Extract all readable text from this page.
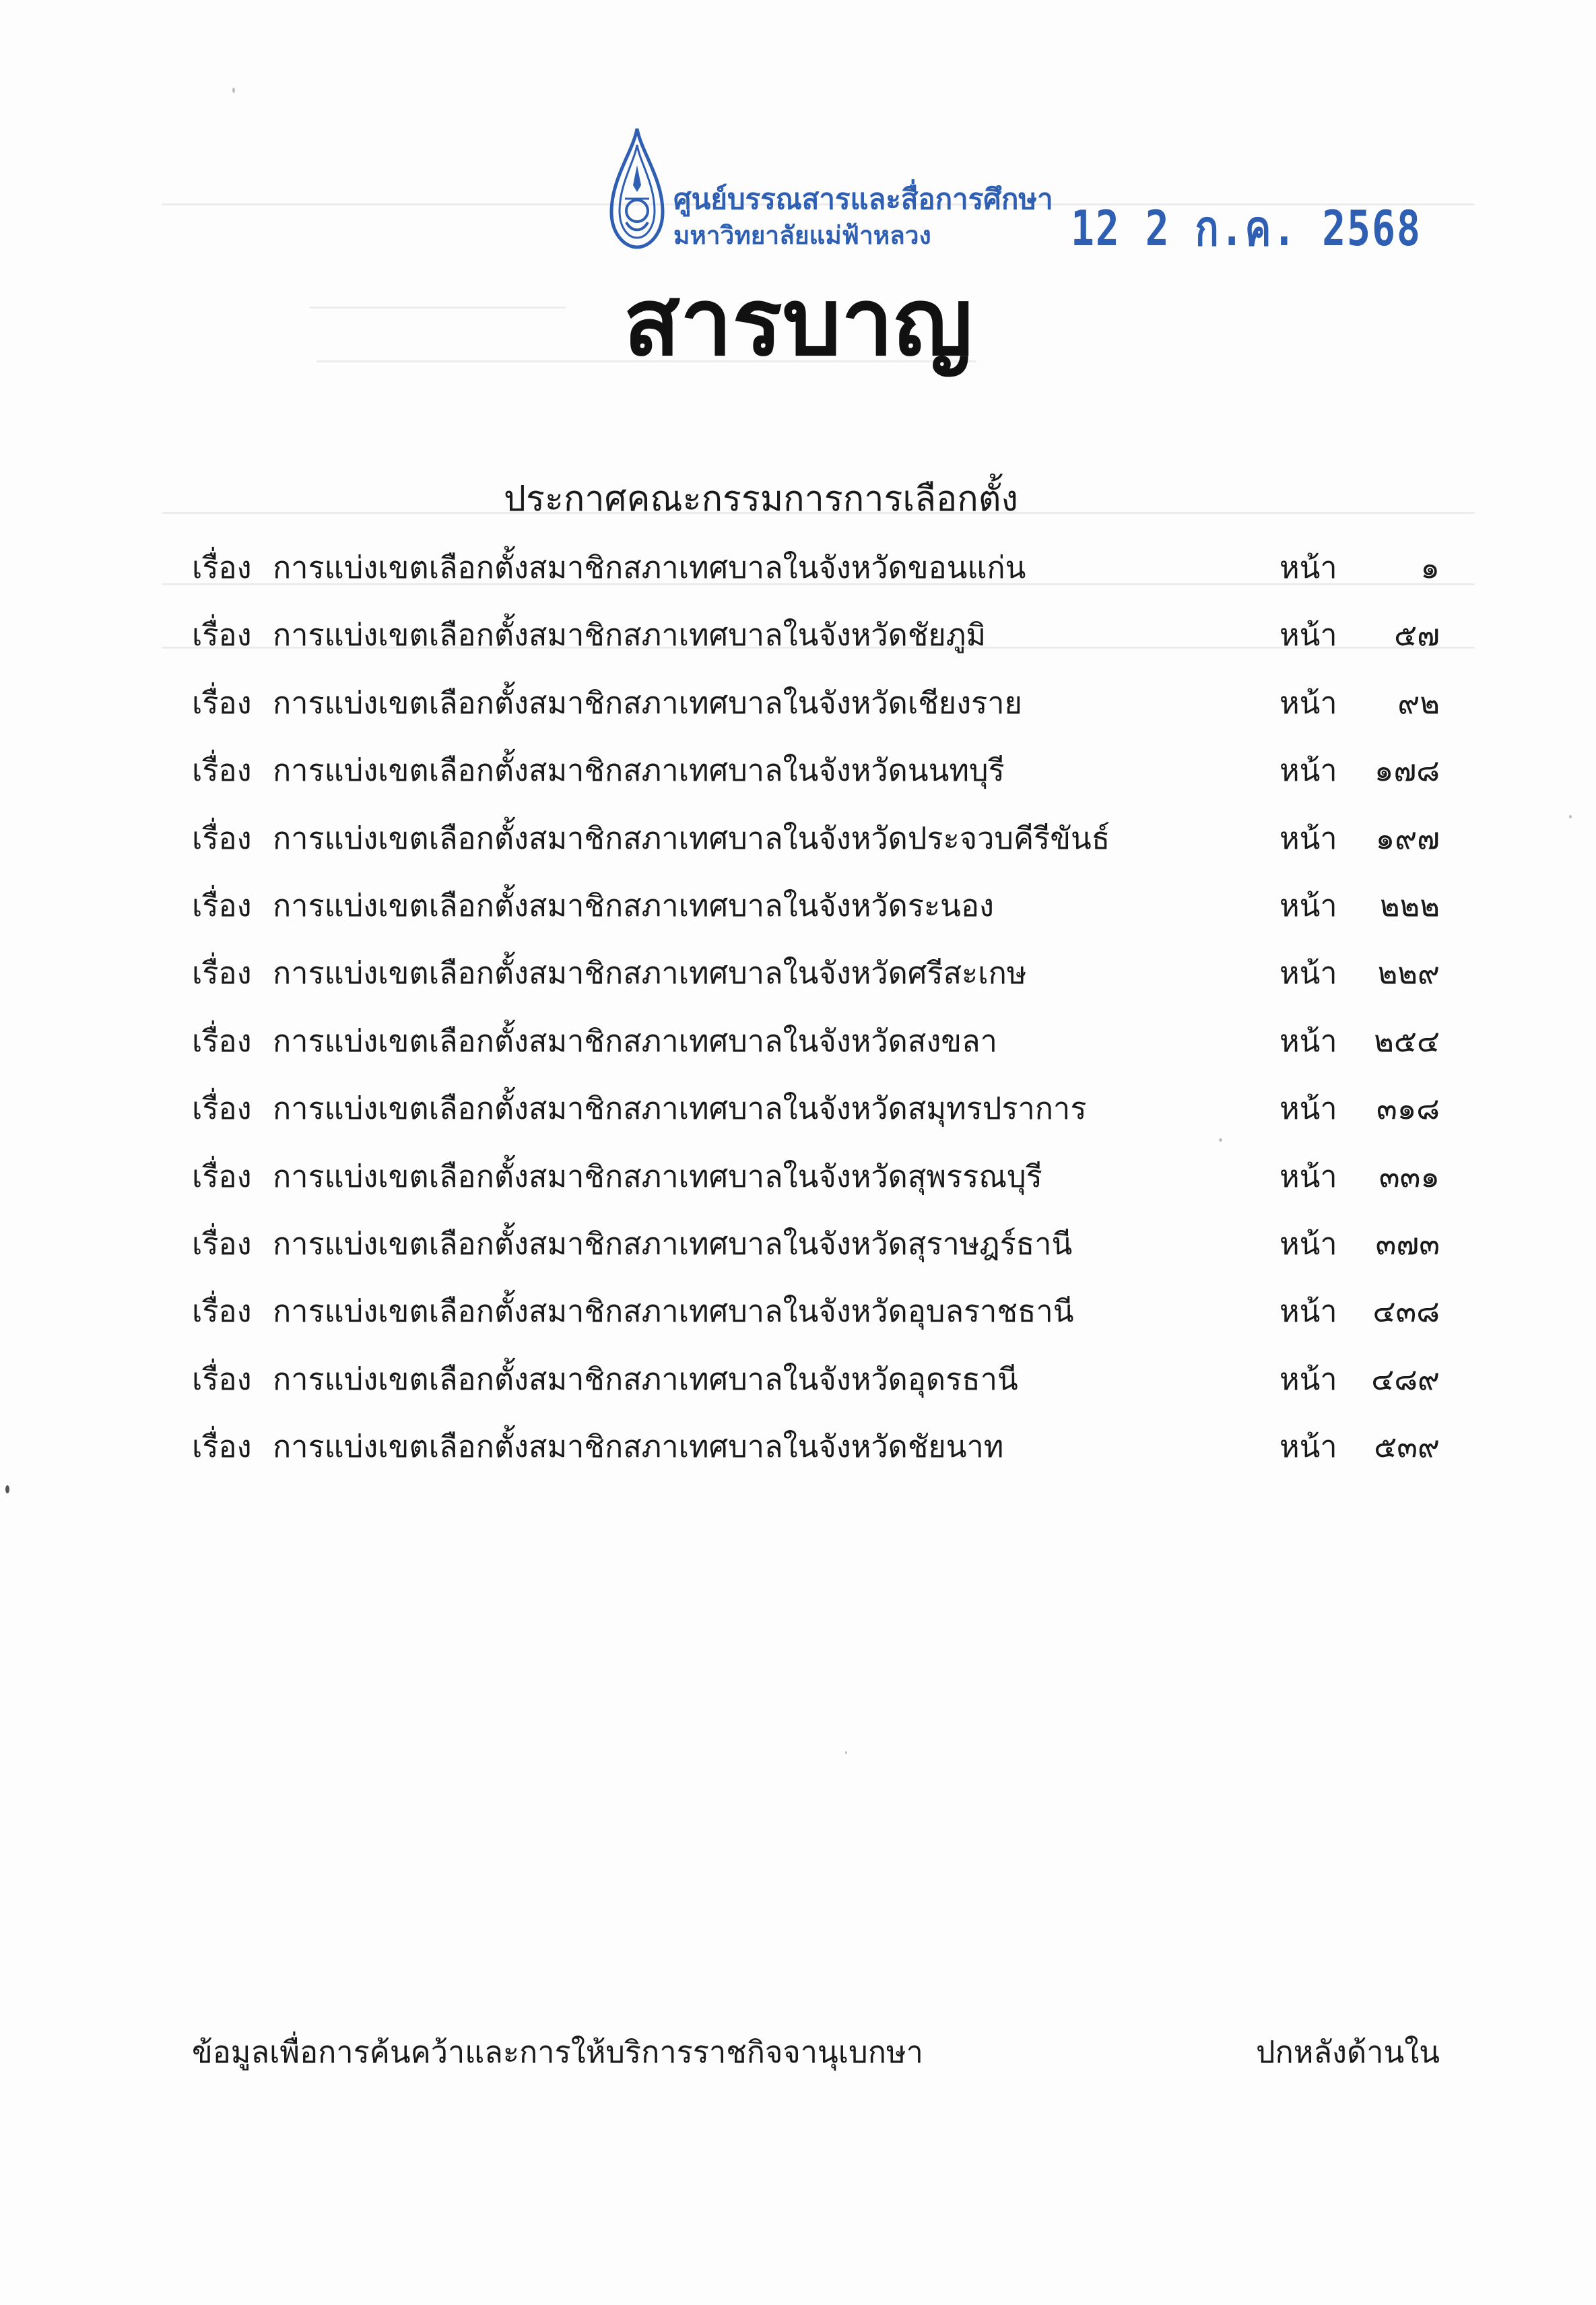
ศูนย์บรรณสารและสื่อการศึกษา
มหาวิทยาลัยแม่ฟ้าหลวง	12 2 ก.ค. 2568
สารบาญ
ประกาศคณะกรรมการการเลือกตั้ง
เรื่อง การแบ่งเขตเลือกตั้งสมาชิกสภาเทศบาลในจังหวัดขอนแก่น	หน้า	๑
เรื่อง การแบ่งเขตเลือกตั้งสมาชิกสภาเทศบาลในจังหวัดชัยภูมิ	หน้า ๕๗
เรื่อง การแบ่งเขตเลือกตั้งสมาชิกสภาเทศบาลในจังหวัดเชียงราย	หน้า ๙๒
เรื่อง การแบ่งเขตเลือกตั้งสมาชิกสภาเทศบาลในจังหวัดนนทบุรี	หน้า ๑๗๘
เรื่อง การแบ่งเขตเลือกตั้งสมาชิกสภาเทศบาลในจังหวัดประจวบคีรีขันธ์	หน้า ๑๙๗
เรื่อง การแบ่งเขตเลือกตั้งสมาชิกสภาเทศบาลในจังหวัดระนอง	หน้า ๒๒๒
เรื่อง การแบ่งเขตเลือกตั้งสมาชิกสภาเทศบาลในจังหวัดศรีสะเกษ	หน้า ๒๒๙
เรื่อง การแบ่งเขตเลือกตั้งสมาชิกสภาเทศบาลในจังหวัดสงขลา	หน้า ๒๕๔
เรื่อง การแบ่งเขตเลือกตั้งสมาชิกสภาเทศบาลในจังหวัดสมุทรปราการ	หน้า ๓๑๘
เรื่อง การแบ่งเขตเลือกตั้งสมาชิกสภาเทศบาลในจังหวัดสุพรรณบุรี	หน้า ๓๓๑
เรื่อง การแบ่งเขตเลือกตั้งสมาชิกสภาเทศบาลในจังหวัดสุราษฎร์ธานี	หน้า ๓๗๓
เรื่อง การแบ่งเขตเลือกตั้งสมาชิกสภาเทศบาลในจังหวัดอุบลราชธานี	หน้า ๔๓๘
เรื่อง การแบ่งเขตเลือกตั้งสมาชิกสภาเทศบาลในจังหวัดอุดรธานี	หน้า ๔๘๙
เรื่อง การแบ่งเขตเลือกตั้งสมาชิกสภาเทศบาลในจังหวัดชัยนาท	หน้า ๕๓๙
ข้อมูลเพื่อการค้นคว้าและการให้บริการราชกิจจานุเบกษา	ปกหลังด้านใน
